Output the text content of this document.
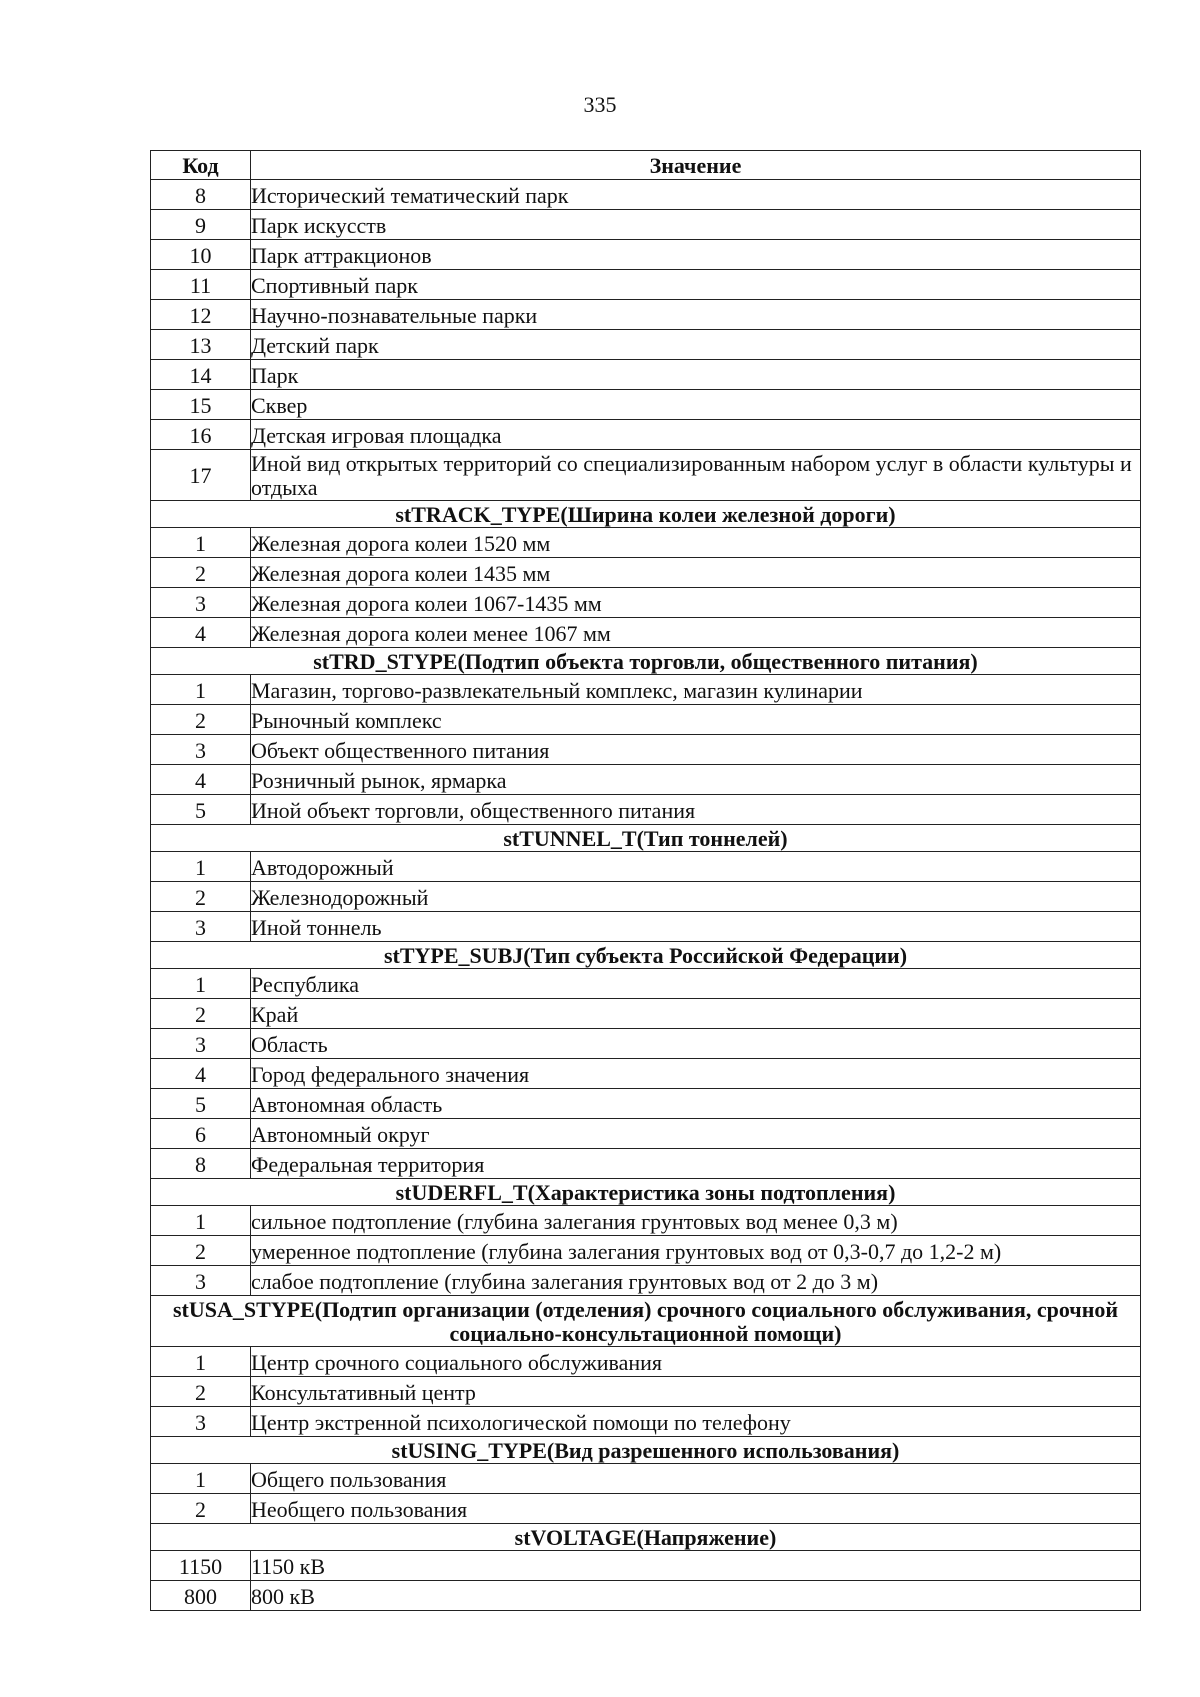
335
Код	Значение
8	Исторический тематический парк
9	Парк искусств
10	Парк аттракционов
11	Спортивный парк
12	Научно-познавательные парки
13	Детский парк
14	Парк
15	Сквер
16	Детская игровая площадка
17	Иной вид открытых территорий со специализированным набором услуг в области культуры и отдыха
stTRACK_TYPE(Ширина колеи железной дороги)	
1	Железная дорога колеи 1520 мм
2	Железная дорога колеи 1435 мм
3	Железная дорога колеи 1067-1435 мм
4	Железная дорога колеи менее 1067 мм
stTRD_STYPE(Подтип объекта торговли, общественного питания)	
1	Магазин, торгово-развлекательный комплекс, магазин кулинарии
2	Рыночный комплекс
3	Объект общественного питания
4	Розничный рынок, ярмарка
5	Иной объект торговли, общественного питания
stTUNNEL_T(Тип тоннелей)	
1	Автодорожный
2	Железнодорожный
3	Иной тоннель
stTYPE_SUBJ(Тип субъекта Российской Федерации)	
1	Республика
2	Край
3	Область
4	Город федерального значения
5	Автономная область
6	Автономный округ
8	Федеральная территория
stUDERFL_T(Характеристика зоны подтопления)	
1	сильное подтопление (глубина залегания грунтовых вод менее 0,3 м)
2	умеренное подтопление (глубина залегания грунтовых вод от 0,3-0,7 до 1,2-2 м)
3	слабое подтопление (глубина залегания грунтовых вод от 2 до 3 м)
stUSA_STYPE(Подтип организации (отделения) срочного социального обслуживания, срочной социально-консультационной помощи)	
1	Центр срочного социального обслуживания
2	Консультативный центр
3	Центр экстренной психологической помощи по телефону
stUSING_TYPE(Вид разрешенного использования)	
1	Общего пользования
2	Необщего пользования
stVOLTAGE(Напряжение)	
1150	1150 кВ
800	800 кВ
